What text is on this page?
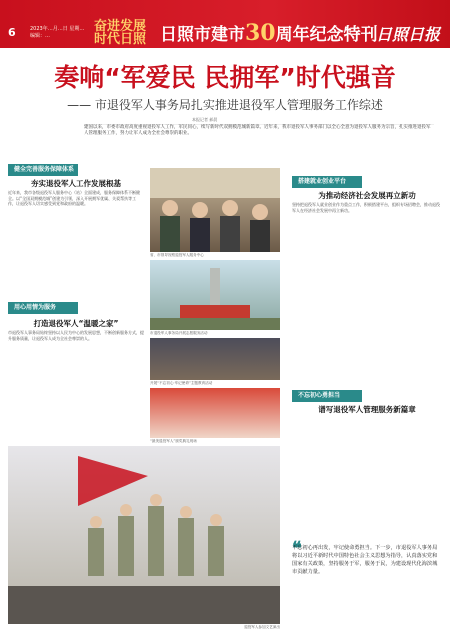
6	2023年…月…日 星期… 编辑：…
奋进发展 时代日照 日照市建市30周年纪念特刊
日照日报
奏响“军爱民 民拥军”时代强音
—— 市退役军人事务局扎实推进退役军人管理服务工作综述
本报记者 郝晨
建国以来，市委市政府高度重视退役军人工作，军民同心，续写新时代双拥模范城新篇章。近年来，我市退役军人事务部门以全心全意为退役军人服务为宗旨，扎实推进退役军人管理服务工作，努力让军人成为全社会尊崇的职业。
健全完善服务保障体系
夯实退役军人工作发展根基
近年来，我市各级退役军人服务中心（站）全面建成，服务保障体系不断健全。以“全国双拥模范城”创建为引领，深入开展拥军优属、关爱帮扶等工作，让退役军人切实感受到党和政府的温暖。
用心用情为服务
打造退役军人“温暖之家”
市退役军人事务局始终坚持以人民为中心的发展思想，不断创新服务方式，提升服务质量，让退役军人成为全社会尊崇的人。
省、市领导视察退役军人服务中心
市退役军人事务局开展志愿服务活动
开展“不忘初心·牢记使命”主题教育活动
“最美退役军人”颁奖典礼现场
退役军人参加文艺演出
搭建就业创业平台
为推动经济社会发展再立新功
坚持把退役军人就业创业作为重点工作，积极搭建平台，组织专场招聘会，推动退役军人在经济社会发展中再立新功。
不忘初心勇担当
谱写退役军人管理服务新篇章
❝
不忘初心再出发，牢记使命勇担当。下一步，市退役军人事务局将以习近平新时代中国特色社会主义思想为指导，认真落实党和国家有关政策，坚持服务于军，服务于民，为建设现代化海滨城市贡献力量。
